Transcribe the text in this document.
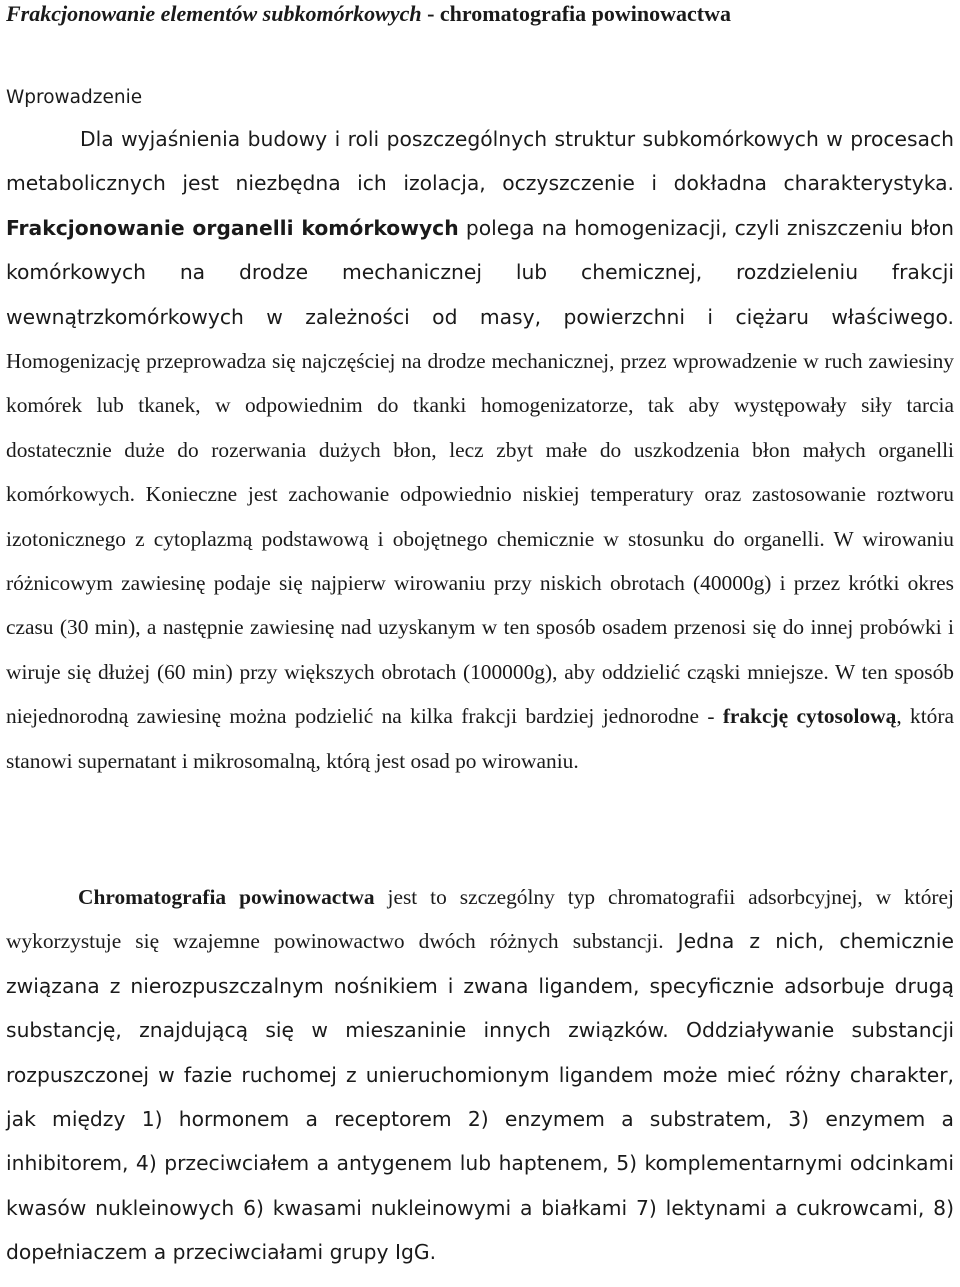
Frakcjonowanie elementów subkomórkowych - chromatografia powinowactwa

Wprowadzenie

Dla wyjaśnienia budowy i roli poszczególnych struktur subkomórkowych w procesach metabolicznych jest niezbędna ich izolacja, oczyszczenie i dokładna charakterystyka. Frakcjonowanie organelli komórkowych polega na homogenizacji, czyli zniszczeniu błon komórkowych na drodze mechanicznej lub chemicznej, rozdzieleniu frakcji wewnątrzkomórkowych w zależności od masy, powierzchni i ciężaru właściwego. Homogenizację przeprowadza się najczęściej na drodze mechanicznej, przez wprowadzenie w ruch zawiesiny komórek lub tkanek, w odpowiednim do tkanki homogenizatorze, tak aby występowały siły tarcia dostatecznie duże do rozerwania dużych błon, lecz zbyt małe do uszkodzenia błon małych organelli komórkowych. Konieczne jest zachowanie odpowiednio niskiej temperatury oraz zastosowanie roztworu izotonicznego z cytoplazmą podstawową i obojętnego chemicznie w stosunku do organelli. W wirowaniu różnicowym zawiesinę podaje się najpierw wirowaniu przy niskich obrotach (40000g) i przez krótki okres czasu (30 min), a następnie zawiesinę nad uzyskanym w ten sposób osadem przenosi się do innej probówki i wiruje się dłużej (60 min) przy większych obrotach (100000g), aby oddzielić cząski mniejsze. W ten sposób niejednorodną zawiesinę można podzielić na kilka frakcji bardziej jednorodne - frakcję cytosolową, która stanowi supernatant i mikrosomalną, którą jest osad po wirowaniu.

Chromatografia powinowactwa jest to szczególny typ chromatografii adsorbcyjnej, w której wykorzystuje się wzajemne powinowactwo dwóch różnych substancji. Jedna z nich, chemicznie związana z nierozpuszczalnym nośnikiem i zwana ligandem, specyficznie adsorbuje drugą substancję, znajdującą się w mieszaninie innych związków. Oddziaływanie substancji rozpuszczonej w fazie ruchomej z unieruchomionym ligandem może mieć różny charakter, jak między 1) hormonem a receptorem 2) enzymem a substratem, 3) enzymem a inhibitorem, 4) przeciwciałem a antygenem lub haptenem, 5) komplementarnymi odcinkami kwasów nukleinowych 6) kwasami nukleinowymi a białkami 7) lektynami a cukrowcami, 8) dopełniaczem a przeciwciałami grupy IgG.
